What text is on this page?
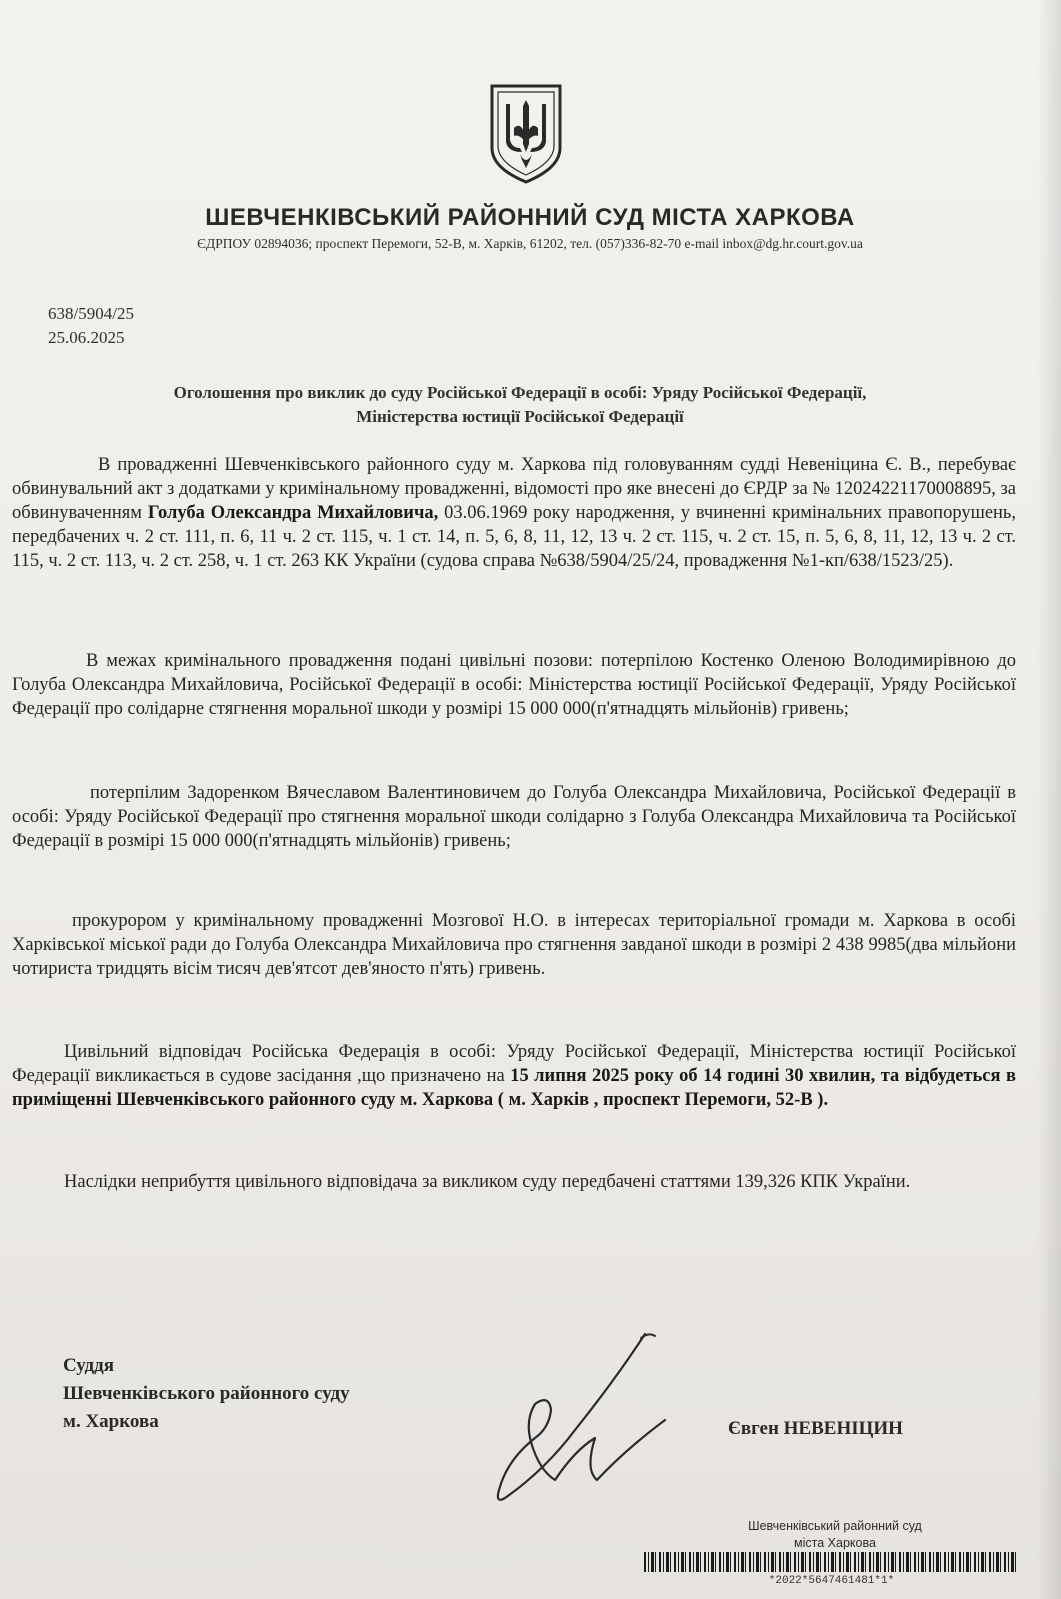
ШЕВЧЕНКІВСЬКИЙ РАЙОННИЙ СУД МІСТА ХАРКОВА
ЄДРПОУ 02894036; проспект Перемоги, 52-В, м. Харків, 61202, тел. (057)336-82-70 e-mail inbox@dg.hr.court.gov.ua
638/5904/25
25.06.2025
Оголошення про виклик до суду Російської Федерації в особі: Уряду Російської Федерації,
Міністерства юстиції Російської Федерації

В провадженні Шевченківського районного суду м. Харкова під головуванням судді Невеніцина Є. В., перебуває обвинувальний акт з додатками у кримінальному провадженні, відомості про яке внесені до ЄРДР за № 12024221170008895, за обвинуваченням Голуба Олександра Михайловича, 03.06.1969 року народження, у вчиненні кримінальних правопорушень, передбачених ч. 2 ст. 111, п. 6, 11 ч. 2 ст. 115, ч. 1 ст. 14, п. 5, 6, 8, 11, 12, 13 ч. 2 ст. 115, ч. 2 ст. 15, п. 5, 6, 8, 11, 12, 13 ч. 2 ст. 115, ч. 2 ст. 113, ч. 2 ст. 258, ч. 1 ст. 263 КК України (судова справа №638/5904/25/24, провадження №1-кп/638/1523/25).

В межах кримінального провадження подані цивільні позови: потерпілою Костенко Оленою Володимирівною до Голуба Олександра Михайловича, Російської Федерації в особі: Міністерства юстиції Російської Федерації, Уряду Російської Федерації про солідарне стягнення моральної шкоди у розмірі 15 000 000(п'ятнадцять мільйонів) гривень;

потерпілим Задоренком Вячеславом Валентиновичем до Голуба Олександра Михайловича, Російської Федерації в особі: Уряду Російської Федерації про стягнення моральної шкоди солідарно з Голуба Олександра Михайловича та Російської Федерації в розмірі 15 000 000(п'ятнадцять мільйонів) гривень;

прокурором у кримінальному провадженні Мозгової Н.О. в інтересах територіальної громади м. Харкова в особі Харківської міської ради до Голуба Олександра Михайловича про стягнення завданої шкоди в розмірі 2 438 9985(два мільйони чотириста тридцять вісім тисяч дев'ятсот дев'яносто п'ять) гривень.

Цивільний відповідач Російська Федерація в особі: Уряду Російської Федерації, Міністерства юстиції Російської Федерації викликається в судове засідання ,що призначено на 15 липня 2025 року об 14 годині 30 хвилин, та відбудеться в приміщенні Шевченківського районного суду м. Харкова ( м. Харків , проспект Перемоги, 52-В ).

Наслідки неприбуття цивільного відповідача за викликом суду передбачені статтями 139,326 КПК України.

Суддя
Шевченківського районного суду
м. Харкова	Євген НЕВЕНІЦИН
Шевченківський районний суд
міста Харкова
*2022*5647461481*1*
